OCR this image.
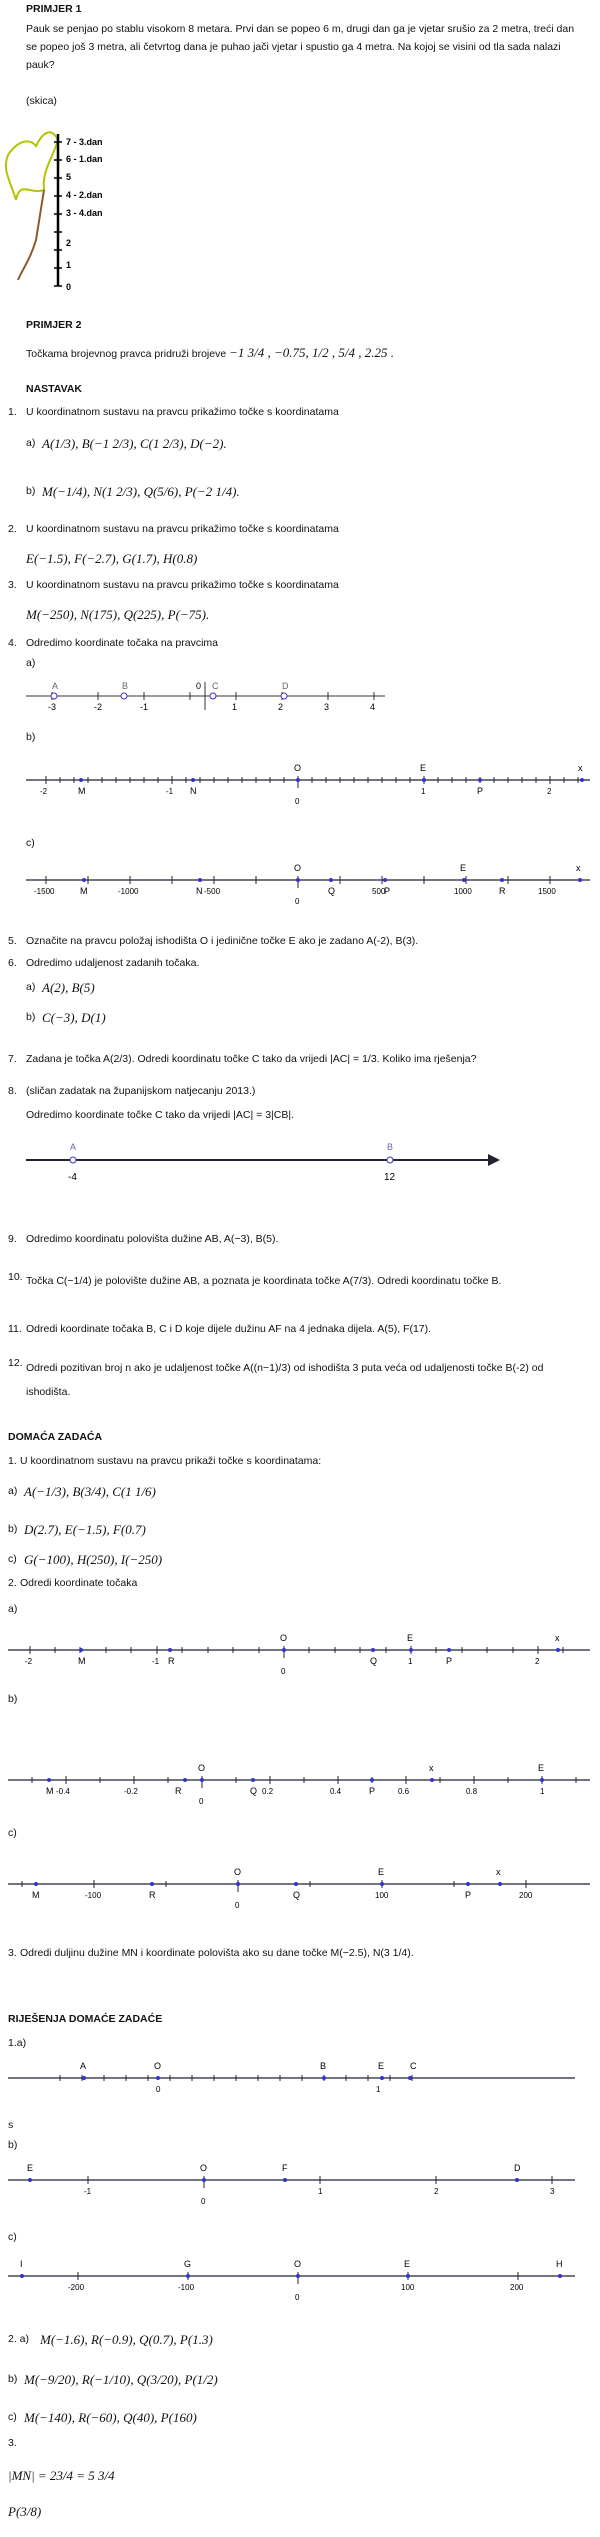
PRIMJER 1
Pauk se penjao po stablu visokom 8 metara. Prvi dan se popeo 6 m, drugi dan ga je vjetar srušio za 2 metra, treći dan se popeo još 3 metra, ali četvrtog dana je puhao jači vjetar i spustio ga 4 metra. Na kojoj se visini od tla sada nalazi pauk?
(skica)
7 - 3.dan
6 - 1.dan
5
4 - 2.dan
3 - 4.dan
2
1
0
PRIMJER 2
Točkama brojevnog pravca pridruži brojeve −1 3/4 , −0.75, 1/2 , 5/4 , 2.25 .
NASTAVAK
1. U koordinatnom sustavu na pravcu prikažimo točke s koordinatama
a) A(1/3), B(−1 2/3), C(1 2/3), D(−2).
b) M(−1/4), N(1 2/3), Q(5/6), P(−2 1/4).
2. U koordinatnom sustavu na pravcu prikažimo točke s koordinatama
E(−1.5), F(−2.7), G(1.7), H(0.8)
3. U koordinatnom sustavu na pravcu prikažimo točke s koordinatama
M(−250), N(175), Q(225), P(−75).
4. Odredimo koordinate točaka na pravcima
a)
A	B	C	D
-3	-2	-1
0
1	2	3	4
b)
M	N
O	E
P
x
-2	-1
0
1	2
c)
M	N
O
Q	P
E
R
x
-1500	-1000	-500
0
500	1000	1500
5. Označite na pravcu položaj ishodišta O i jedinične točke E ako je zadano A(-2), B(3).
6. Odredimo udaljenost zadanih točaka.
a) A(2), B(5)
b) C(−3), D(1)
7. Zadana je točka A(2/3). Odredi koordinatu točke C tako da vrijedi |AC| = 1/3. Koliko ima rješenja?
8. (sličan zadatak na županijskom natjecanju 2013.)
Odredimo koordinate točke C tako da vrijedi |AC| = 3|CB|.
A	B
-4	12
9. Odredimo koordinatu polovišta dužine AB, A(−3), B(5).
10. Točka C(−1/4) je polovište dužine AB, a poznata je koordinata točke A(7/3). Odredi koordinatu točke B.
11. Odredi koordinate točaka B, C i D koje dijele dužinu AF na 4 jednaka dijela. A(5), F(17).
12. Odredi pozitivan broj n ako je udaljenost točke A((n−1)/3) od ishodišta 3 puta veća od udaljenosti točke B(-2) od ishodišta.
DOMAĆA ZADAĆA
1. U koordinatnom sustavu na pravcu prikaži točke s koordinatama:
a) A(−1/3), B(3/4), C(1 1/6)
b) D(2.7), E(−1.5), F(0.7)
c) G(−100), H(250), I(−250)
2. Odredi koordinate točaka
a)
M	R
O
Q
E
P
x
-2	-1
0
1	2
b)
M	R
O
Q	P
x	E
-0.4	-0.2
0
0.2	0.4	0.6	0.8	1
c)
M	R
O
Q
E
P
x
-100
0
100	200
3. Odredi duljinu dužine MN i koordinate polovišta ako su dane točke M(−2.5), N(3 1/4).
RIJEŠENJA DOMAĆE ZADAĆE
1.a)
A	O	B	E	C
0	1
s
b)
E	O	F	D
-1
0
1	2	3
c)
I	G	O	E	H
-200	-100
0
100	200
2. a) M(−1.6), R(−0.9), Q(0.7), P(1.3)
b) M(−9/20), R(−1/10), Q(3/20), P(1/2)
c) M(−140), R(−60), Q(40), P(160)
3.
|MN| = 23/4 = 5 3/4
P(3/8)
